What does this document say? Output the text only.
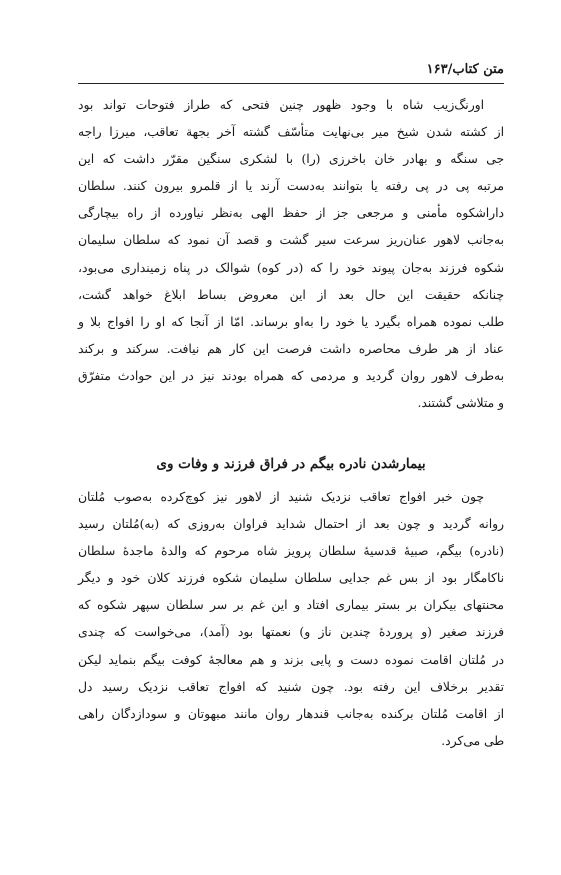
متن کتاب/۱۶۳
اورنگ‌زیب شاه با وجود ظهور چنین فتحی که طراز فتوحات تواند بود
از کشته شدن شیخ میر بی‌نهایت متأسّف گشته آخر بجهة تعاقب، میرزا راجه
جی سنگه و بهادر خان باخرزی (را) با لشکری سنگین مقرّر داشت که این
مرتبه پی در پی رفته یا بتوانند به‌دست آرند یا از قلمرو بیرون کنند. سلطان
داراشکوه مأمنی و مرجعی جز از حفظ الهی به‌نظر نیاورده از راه بیچارگی
به‌جانب لاهور عنان‌ریز سرعت سیر گشت و قصد آن نمود که سلطان سلیمان
شکوه فرزند به‌جان پیوند خود را که (در کوه) شوالک در پناه زمینداری می‌بود،
چنانکه حقیقت این حال بعد از این معروض بساط ابلاغ خواهد گشت،
طلب نموده همراه بگیرد یا خود را به‌او برساند. امّا از آنجا که او را افواج بلا و
عناد از هر طرف محاصره داشت فرصت این کار هم نیافت. سرکند و برکند
به‌طرف لاهور روان گردید و مردمی که همراه بودند نیز در این حوادث متفرّق
و متلاشی گشتند.
بیمارشدن نادره بیگم در فراق فرزند و وفات وی
چون خبر افواج تعاقب نزدیک شنید از لاهور نیز کوچ‌کرده به‌صوب مُلتان
روانه گردید و چون بعد از احتمال شداید فراوان به‌روزی که (به)مُلتان رسید
(نادره) بیگم، صبیهٔ قدسیهٔ سلطان پرویز شاه مرحوم که والدهٔ ماجدهٔ سلطان
ناکامگار بود از بس غم جدایی سلطان سلیمان شکوه فرزند کلان خود و دیگر
محنتهای بیکران بر بستر بیماری افتاد و این غم بر سر سلطان سپهر شکوه که
فرزند صغیر (و پروردهٔ چندین ناز و) نعمتها بود (آمد)، می‌خواست که چندی
در مُلتان اقامت نموده دست و پایی بزند و هم معالجهٔ کوفت بیگم بنماید لیکن
تقدیر برخلاف این رفته بود. چون شنید که افواج تعاقب نزدیک رسید دل
از اقامت مُلتان برکنده به‌جانب قندهار روان مانند مبهوتان و سودازدگان راهی
طی می‌کرد.
